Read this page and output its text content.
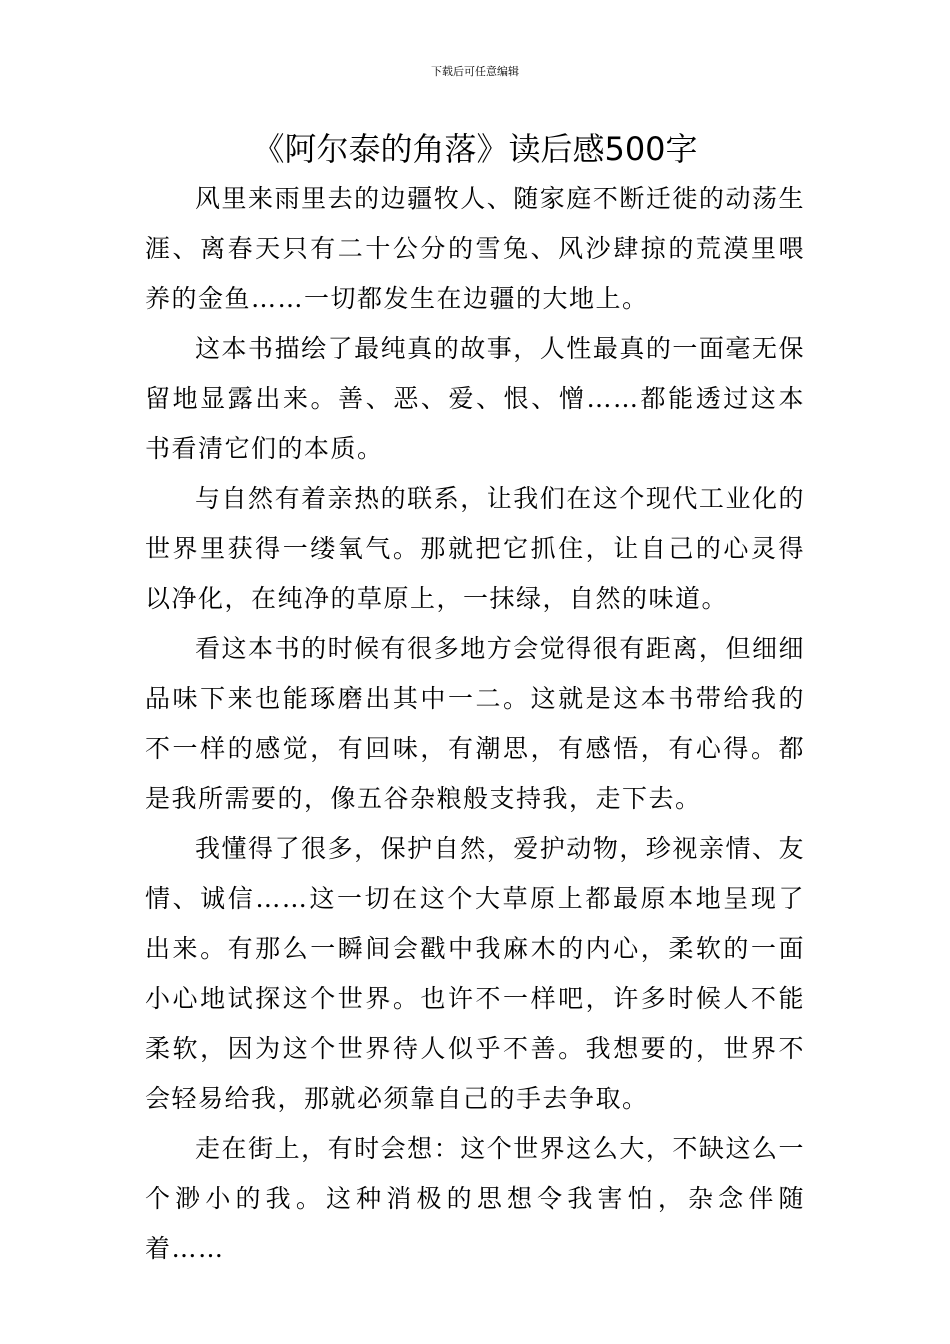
下载后可任意编辑
《阿尔泰的角落》读后感500字

风里来雨里去的边疆牧人、随家庭不断迁徙的动荡生涯、离春天只有二十公分的雪兔、风沙肆掠的荒漠里喂养的金鱼……一切都发生在边疆的大地上。

这本书描绘了最纯真的故事，人性最真的一面毫无保留地显露出来。善、恶、爱、恨、憎……都能透过这本书看清它们的本质。

与自然有着亲热的联系，让我们在这个现代工业化的世界里获得一缕氧气。那就把它抓住，让自己的心灵得以净化，在纯净的草原上，一抹绿，自然的味道。

看这本书的时候有很多地方会觉得很有距离，但细细品味下来也能琢磨出其中一二。这就是这本书带给我的不一样的感觉，有回味，有潮思，有感悟，有心得。都是我所需要的，像五谷杂粮般支持我，走下去。

我懂得了很多，保护自然，爱护动物，珍视亲情、友情、诚信……这一切在这个大草原上都最原本地呈现了出来。有那么一瞬间会戳中我麻木的内心，柔软的一面小心地试探这个世界。也许不一样吧，许多时候人不能柔软，因为这个世界待人似乎不善。我想要的，世界不会轻易给我，那就必须靠自己的手去争取。

走在街上，有时会想：这个世界这么大，不缺这么一个渺小的我。这种消极的思想令我害怕，杂念伴随着……
